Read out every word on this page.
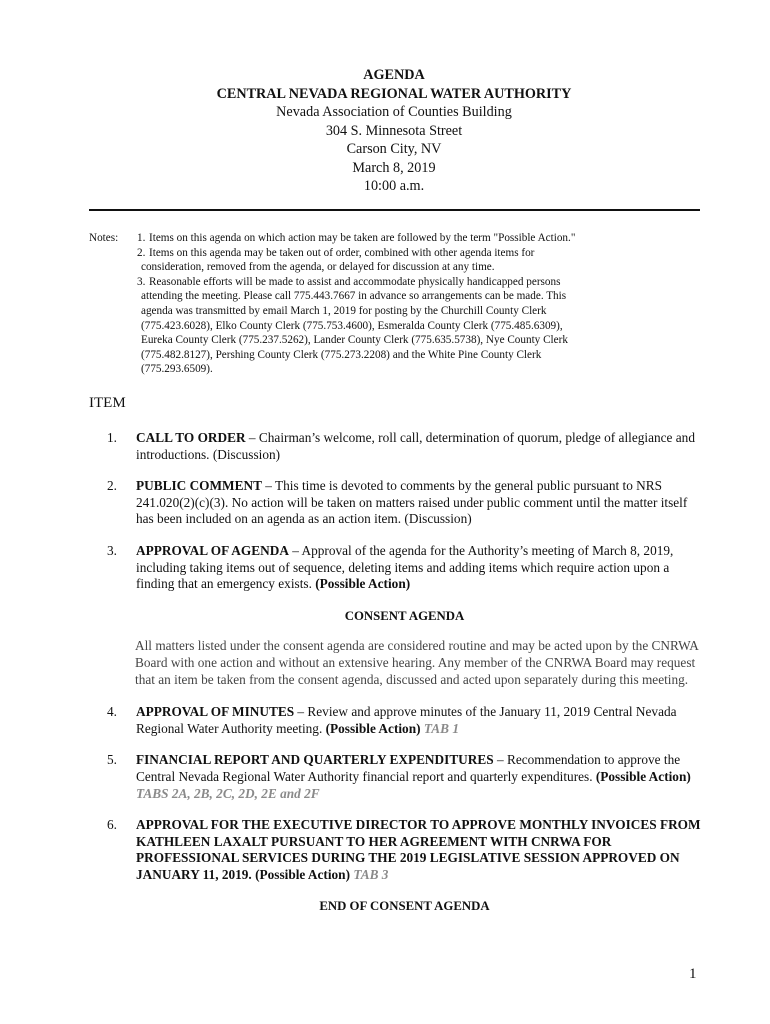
AGENDA
CENTRAL NEVADA REGIONAL WATER AUTHORITY
Nevada Association of Counties Building
304 S. Minnesota Street
Carson City, NV
March 8, 2019
10:00 a.m.
Notes:	1. Items on this agenda on which action may be taken are followed by the term "Possible Action."
2. Items on this agenda may be taken out of order, combined with other agenda items for
consideration, removed from the agenda, or delayed for discussion at any time.
3. Reasonable efforts will be made to assist and accommodate physically handicapped persons
attending the meeting. Please call 775.443.7667 in advance so arrangements can be made. This
agenda was transmitted by email March 1, 2019 for posting by the Churchill County Clerk
(775.423.6028), Elko County Clerk (775.753.4600), Esmeralda County Clerk (775.485.6309),
Eureka County Clerk (775.237.5262), Lander County Clerk (775.635.5738), Nye County Clerk
(775.482.8127), Pershing County Clerk (775.273.2208) and the White Pine County Clerk
(775.293.6509).
ITEM
1.	CALL TO ORDER – Chairman’s welcome, roll call, determination of quorum, pledge of allegiance and introductions. (Discussion)
2.	PUBLIC COMMENT – This time is devoted to comments by the general public pursuant to NRS 241.020(2)(c)(3). No action will be taken on matters raised under public comment until the matter itself has been included on an agenda as an action item. (Discussion)
3.	APPROVAL OF AGENDA – Approval of the agenda for the Authority’s meeting of March 8, 2019, including taking items out of sequence, deleting items and adding items which require action upon a finding that an emergency exists. (Possible Action)
CONSENT AGENDA
All matters listed under the consent agenda are considered routine and may be acted upon by the CNRWA Board with one action and without an extensive hearing. Any member of the CNRWA Board may request that an item be taken from the consent agenda, discussed and acted upon separately during this meeting.
4.	APPROVAL OF MINUTES – Review and approve minutes of the January 11, 2019 Central Nevada Regional Water Authority meeting. (Possible Action) TAB 1
5.	FINANCIAL REPORT AND QUARTERLY EXPENDITURES – Recommendation to approve the Central Nevada Regional Water Authority financial report and quarterly expenditures. (Possible Action) TABS 2A, 2B, 2C, 2D, 2E and 2F
6.	APPROVAL FOR THE EXECUTIVE DIRECTOR TO APPROVE MONTHLY INVOICES FROM KATHLEEN LAXALT PURSUANT TO HER AGREEMENT WITH CNRWA FOR PROFESSIONAL SERVICES DURING THE 2019 LEGISLATIVE SESSION APPROVED ON JANUARY 11, 2019. (Possible Action) TAB 3
END OF CONSENT AGENDA
1
